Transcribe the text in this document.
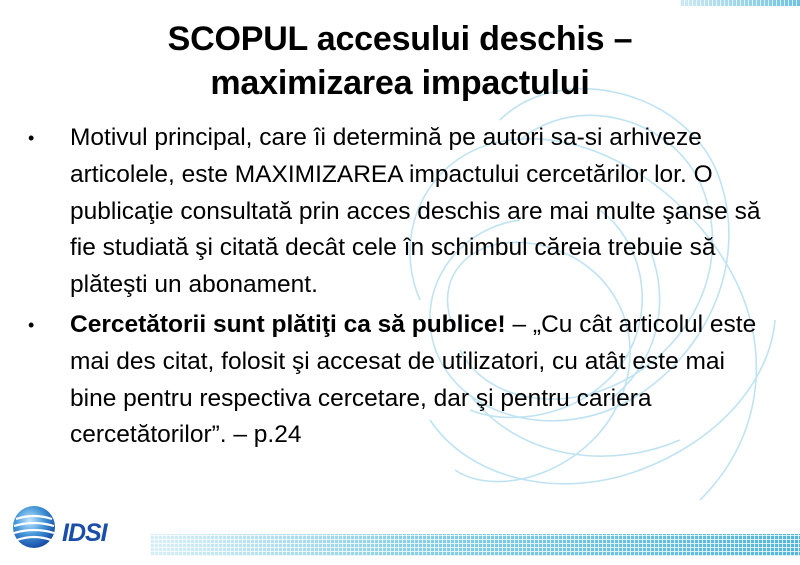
SCOPUL accesului deschis –
maximizarea impactului
•	Motivul principal, care îi determină pe autori sa-si arhiveze articolele, este MAXIMIZAREA impactului cercetărilor lor. O publicaţie consultată prin acces deschis are mai multe şanse să fie studiată şi citată decât cele în schimbul căreia trebuie să plăteşti un abonament.
•	Cercetătorii sunt plătiţi ca să publice! – „Cu cât articolul este mai des citat, folosit şi accesat de utilizatori, cu atât este mai bine pentru respectiva cercetare, dar şi pentru cariera cercetătorilor”. – p.24
IDSI
